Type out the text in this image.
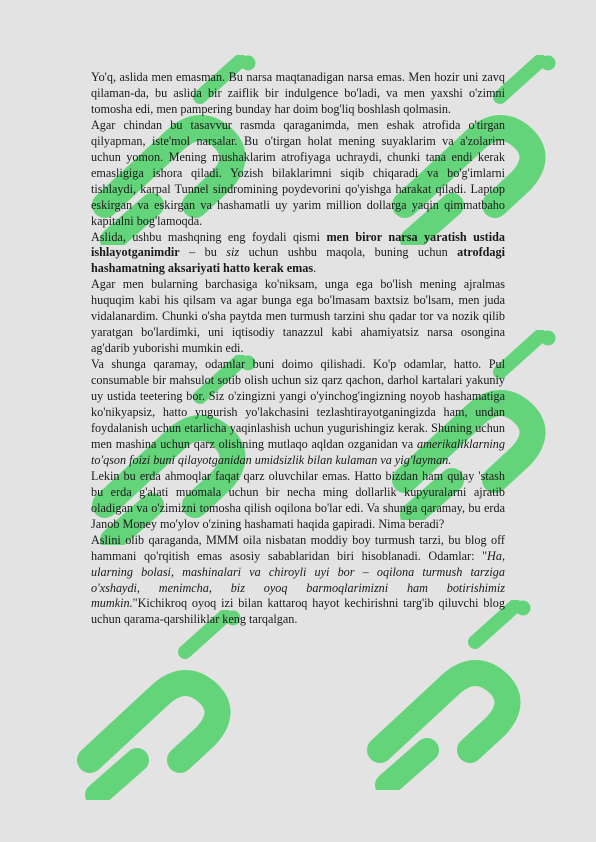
Yo'q, aslida men emasman. Bu narsa maqtanadigan narsa emas. Men hozir uni zavq qilaman-da, bu aslida bir zaiflik bir indulgence bo'ladi, va men yaxshi o'zimni tomosha edi, men pampering bunday har doim bog'liq boshlash qolmasin.

Agar chindan bu tasavvur rasmda qaraganimda, men eshak atrofida o'tirgan qilyapman, iste'mol narsalar. Bu o'tirgan holat mening suyaklarim va a'zolarim uchun yomon. Mening mushaklarim atrofiyaga uchraydi, chunki tana endi kerak emasligiga ishora qiladi. Yozish bilaklarimni siqib chiqaradi va bo'g'imlarni tishlaydi, karpal Tunnel sindromining poydevorini qo'yishga harakat qiladi. Laptop eskirgan va eskirgan va hashamatli uy yarim million dollarga yaqin qimmatbaho kapitalni bog'lamoqda.

Aslida, ushbu mashqning eng foydali qismi men biror narsa yaratish ustida ishlayotganimdir – bu siz uchun ushbu maqola, buning uchun atrofdagi hashamatning aksariyati hatto kerak emas.

Agar men bularning barchasiga ko'niksam, unga ega bo'lish mening ajralmas huquqim kabi his qilsam va agar bunga ega bo'lmasam baxtsiz bo'lsam, men juda vidalanardim. Chunki o'sha paytda men turmush tarzini shu qadar tor va nozik qilib yaratgan bo'lardimki, uni iqtisodiy tanazzul kabi ahamiyatsiz narsa osongina ag'darib yuborishi mumkin edi.

Va shunga qaramay, odamlar buni doimo qilishadi. Ko'p odamlar, hatto. Pul consumable bir mahsulot sotib olish uchun siz qarz qachon, darhol kartalari yakuniy uy ustida teetering bor. Siz o'zingizni yangi o'yinchog'ingizning noyob hashamatiga ko'nikyapsiz, hatto yugurish yo'lakchasini tezlashtirayotganingizda ham, undan foydalanish uchun etarlicha yaqinlashish uchun yugurishingiz kerak. Shuning uchun men mashina uchun qarz olishning mutlaqo aqldan ozganidan va amerikaliklarning to'qson foizi buni qilayotganidan umidsizlik bilan kulaman va yig'layman.

Lekin bu erda ahmoqlar faqat qarz oluvchilar emas. Hatto bizdan ham qulay 'stash bu erda g'alati muomala uchun bir necha ming dollarlik kupyuralarni ajratib oladigan va o'zimizni tomosha qilish oqilona bo'lar edi. Va shunga qaramay, bu erda Janob Money mo'ylov o'zining hashamati haqida gapiradi. Nima beradi?

Aslini olib qaraganda, MMM oila nisbatan moddiy boy turmush tarzi, bu blog off hammani qo'rqitish emas asosiy sabablaridan biri hisoblanadi. Odamlar: "Ha, ularning bolasi, mashinalari va chiroyli uyi bor – oqilona turmush tarziga o'xshaydi, menimcha, biz oyoq barmoqlarimizni ham botirishimiz mumkin."Kichikroq oyoq izi bilan kattaroq hayot kechirishni targ'ib qiluvchi blog uchun qarama-qarshiliklar keng tarqalgan.
